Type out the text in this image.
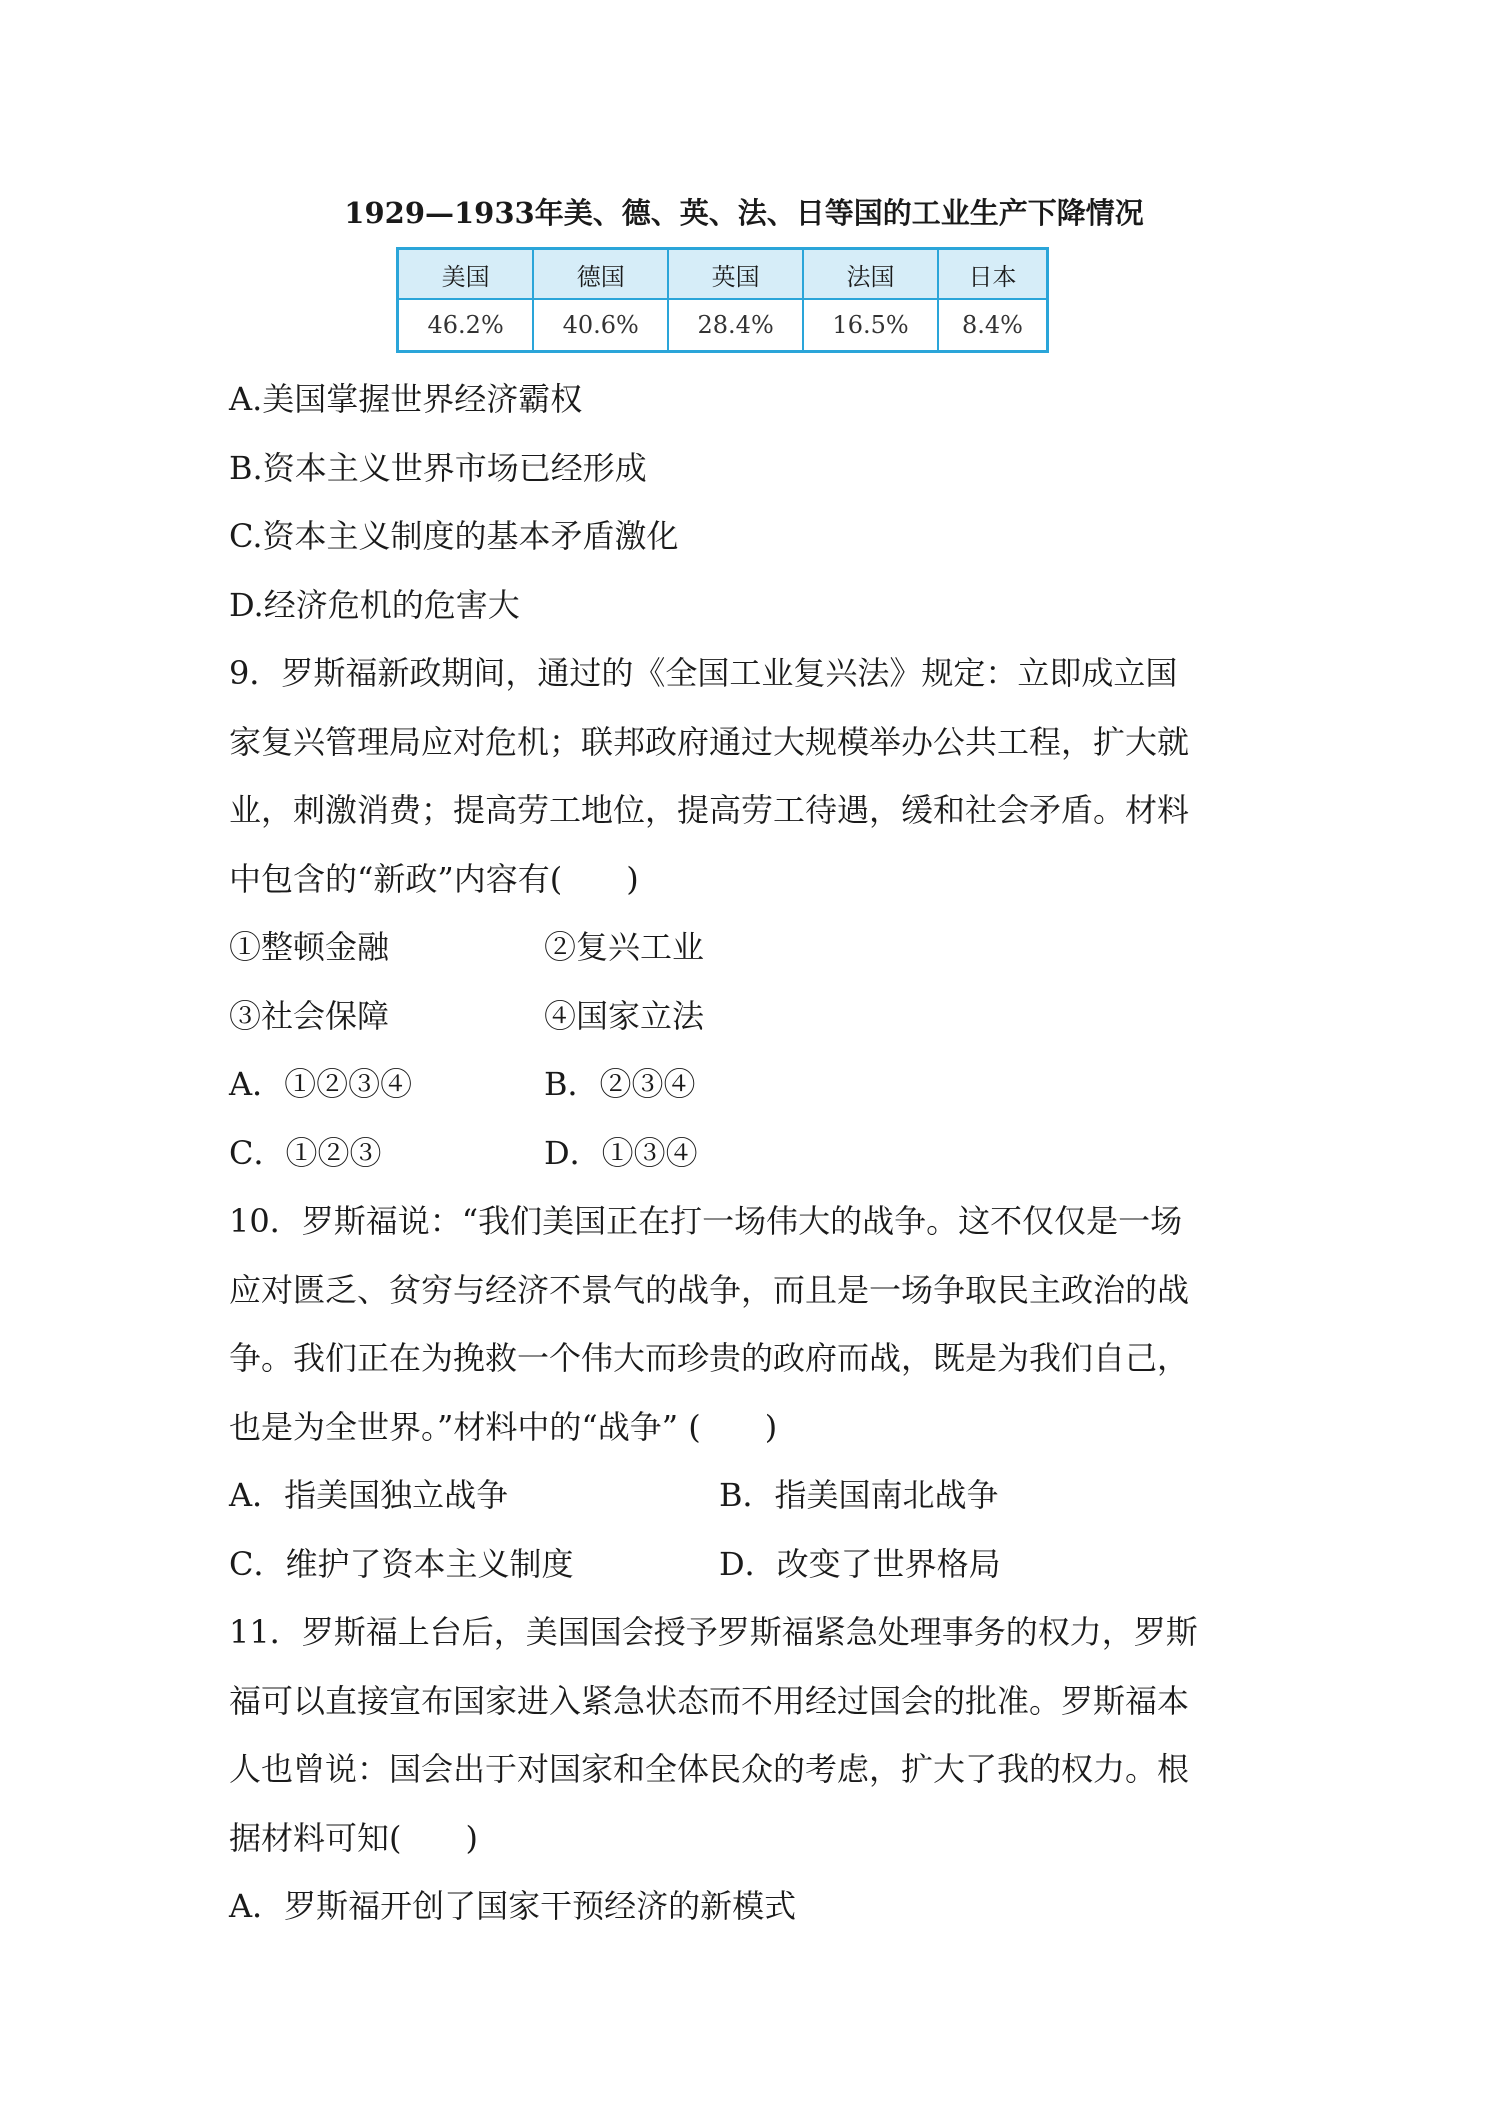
1929—1933年美、德、英、法、日等国的工业生产下降情况
美国	德国	英国	法国	日本
46.2%	40.6%	28.4%	16.5%	8.4%
A.美国掌握世界经济霸权
B.资本主义世界市场已经形成
C.资本主义制度的基本矛盾激化
D.经济危机的危害大
9．罗斯福新政期间，通过的《全国工业复兴法》规定：立即成立国
家复兴管理局应对危机；联邦政府通过大规模举办公共工程，扩大就
业，刺激消费；提高劳工地位，提高劳工待遇，缓和社会矛盾。材料
中包含的“新政”内容有(　　)
①整顿金融	②复兴工业
③社会保障	④国家立法
A．①②③④	B．②③④
C．①②③	D．①③④
10．罗斯福说：“我们美国正在打一场伟大的战争。这不仅仅是一场
应对匮乏、贫穷与经济不景气的战争，而且是一场争取民主政治的战
争。我们正在为挽救一个伟大而珍贵的政府而战，既是为我们自己，
也是为全世界。”材料中的“战争” (　　)
A．指美国独立战争	B．指美国南北战争
C．维护了资本主义制度	D．改变了世界格局
11．罗斯福上台后，美国国会授予罗斯福紧急处理事务的权力，罗斯
福可以直接宣布国家进入紧急状态而不用经过国会的批准。罗斯福本
人也曾说：国会出于对国家和全体民众的考虑，扩大了我的权力。根
据材料可知(　　)
A．罗斯福开创了国家干预经济的新模式
